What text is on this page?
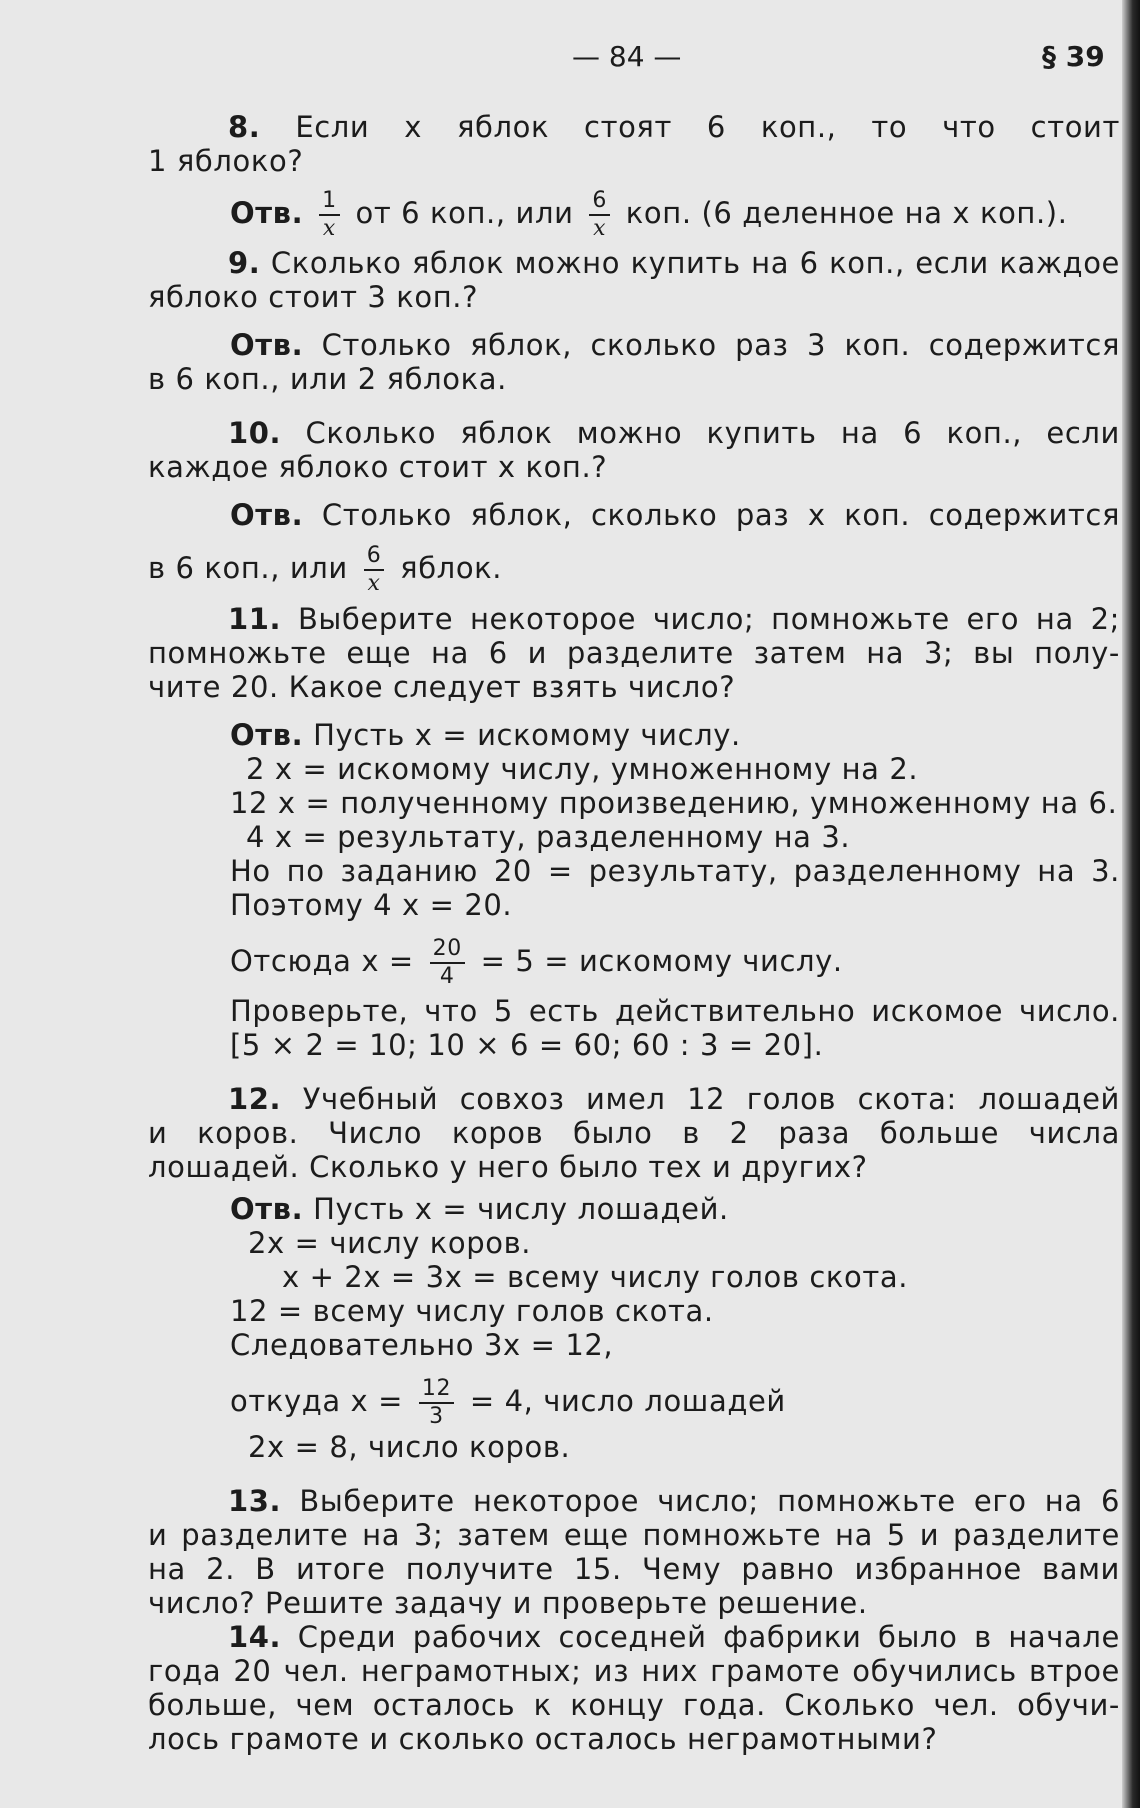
— 84 —	§ 39
8. Если x яблок стоят 6 коп., то что стоит
1 яблоко?
Отв. $\frac{1}{x}$ от 6 коп., или $\frac{6}{x}$ коп. (6 деленное на x коп.).
9. Сколько яблок можно купить на 6 коп., если каждое
яблоко стоит 3 коп.?
Отв. Столько яблок, сколько раз 3 коп. содержится
в 6 коп., или 2 яблока.
10. Сколько яблок можно купить на 6 коп., если
каждое яблоко стоит x коп.?
Отв. Столько яблок, сколько раз x коп. содержится
в 6 коп., или $\frac{6}{x}$ яблок.
11. Выберите некоторое число; помножьте его на 2;
помножьте еще на 6 и разделите затем на 3; вы полу-
чите 20. Какое следует взять число?
Отв. Пусть x = искомому числу.
2 x = искомому числу, умноженному на 2.
12 x = полученному произведению, умноженному на 6.
4 x = результату, разделенному на 3.
Но по заданию 20 = результату, разделенному на 3.
Поэтому 4 x = 20.
Отсюда $x = \frac{20}{4} = 5$ = искомому числу.
Проверьте, что 5 есть действительно искомое число.
[5 × 2 = 10; 10 × 6 = 60; 60 : 3 = 20].
12. Учебный совхоз имел 12 голов скота: лошадей
и коров. Число коров было в 2 раза больше числа
лошадей. Сколько у него было тех и других?
Отв. Пусть x = числу лошадей.
2x = числу коров.
x + 2x = 3x = всему числу голов скота.
12 = всему числу голов скота.
Следовательно 3x = 12,
откуда $x = \frac{12}{3} = 4$, число лошадей
2x = 8, число коров.
13. Выберите некоторое число; помножьте его на 6
и разделите на 3; затем еще помножьте на 5 и разделите
на 2. В итоге получите 15. Чему равно избранное вами
число? Решите задачу и проверьте решение.
14. Среди рабочих соседней фабрики было в начале
года 20 чел. неграмотных; из них грамоте обучились втрое
больше, чем осталось к концу года. Сколько чел. обучи-
лось грамоте и сколько осталось неграмотными?
